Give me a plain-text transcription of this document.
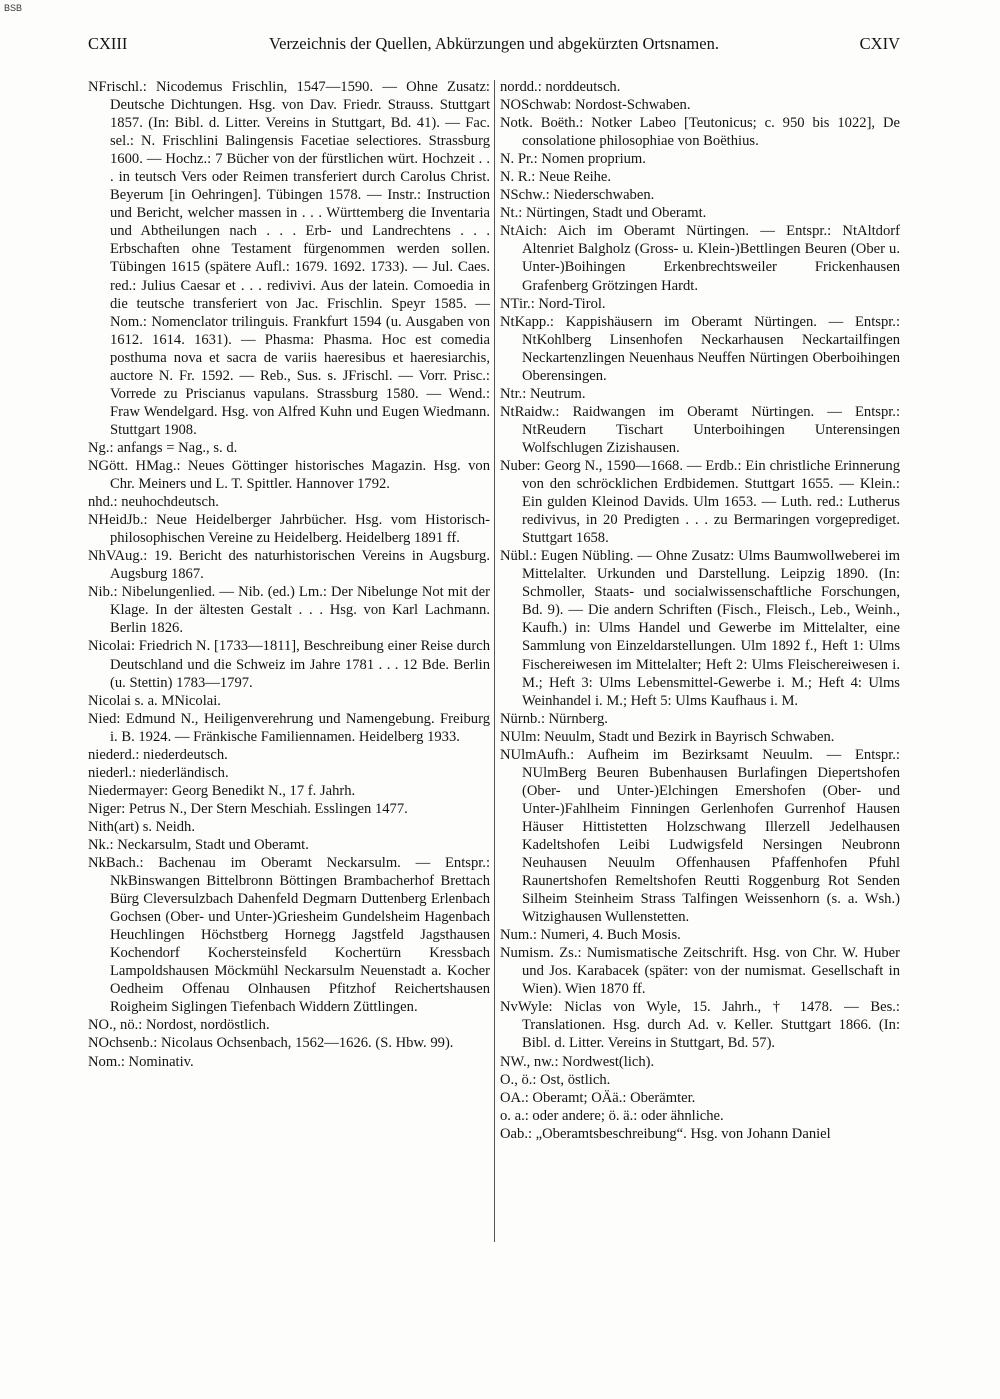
BSB
CXIII	Verzeichnis der Quellen, Abkürzungen und abgekürzten Ortsnamen.	CXIV

NFrischl.: Nicodemus Frischlin, 1547—1590. — Ohne Zusatz: Deutsche Dichtungen. Hsg. von Dav. Friedr. Strauss. Stuttgart 1857. (In: Bibl. d. Litter. Vereins in Stuttgart, Bd. 41). — Fac. sel.: N. Frischlini Balingensis Facetiae selectiores. Strassburg 1600. — Hochz.: 7 Bücher von der fürstlichen würt. Hochzeit . . . in teutsch Vers oder Reimen transferiert durch Carolus Christ. Beyerum [in Oehringen]. Tübingen 1578. — Instr.: Instruction und Bericht, welcher massen in . . . Württemberg die Inventaria und Abtheilungen nach . . . Erb- und Landrechtens . . . Erbschaften ohne Testament fürgenommen werden sollen. Tübingen 1615 (spätere Aufl.: 1679. 1692. 1733). — Jul. Caes. red.: Julius Caesar et . . . redivivi. Aus der latein. Comoedia in die teutsche transferiert von Jac. Frischlin. Speyr 1585. — Nom.: Nomenclator trilinguis. Frankfurt 1594 (u. Ausgaben von 1612. 1614. 1631). — Phasma: Phasma. Hoc est comedia posthuma nova et sacra de variis haeresibus et haeresiarchis, auctore N. Fr. 1592. — Reb., Sus. s. JFrischl. — Vorr. Prisc.: Vorrede zu Priscianus vapulans. Strassburg 1580. — Wend.: Fraw Wendelgard. Hsg. von Alfred Kuhn und Eugen Wiedmann. Stuttgart 1908.

Ng.: anfangs = Nag., s. d.

NGött. HMag.: Neues Göttinger historisches Magazin. Hsg. von Chr. Meiners und L. T. Spittler. Hannover 1792.

nhd.: neuhochdeutsch.

NHeidJb.: Neue Heidelberger Jahrbücher. Hsg. vom Historisch-philosophischen Vereine zu Heidelberg. Heidelberg 1891 ff.

NhVAug.: 19. Bericht des naturhistorischen Vereins in Augsburg. Augsburg 1867.

Nib.: Nibelungenlied. — Nib. (ed.) Lm.: Der Nibelunge Not mit der Klage. In der ältesten Gestalt . . . Hsg. von Karl Lachmann. Berlin 1826.

Nicolai: Friedrich N. [1733—1811], Beschreibung einer Reise durch Deutschland und die Schweiz im Jahre 1781 . . . 12 Bde. Berlin (u. Stettin) 1783—1797.

Nicolai s. a. MNicolai.

Nied: Edmund N., Heiligenverehrung und Namengebung. Freiburg i. B. 1924. — Fränkische Familiennamen. Heidelberg 1933.

niederd.: niederdeutsch.

niederl.: niederländisch.

Niedermayer: Georg Benedikt N., 17 f. Jahrh.

Niger: Petrus N., Der Stern Meschiah. Esslingen 1477.

Nith(art) s. Neidh.

Nk.: Neckarsulm, Stadt und Oberamt.

NkBach.: Bachenau im Oberamt Neckarsulm. — Entspr.: NkBinswangen Bittelbronn Böttingen Brambacherhof Brettach Bürg Cleversulzbach Dahenfeld Degmarn Duttenberg Erlenbach Gochsen (Ober- und Unter-)Griesheim Gundelsheim Hagenbach Heuchlingen Höchstberg Hornegg Jagstfeld Jagsthausen Kochendorf Kochersteinsfeld Kochertürn Kressbach Lampoldshausen Möckmühl Neckarsulm Neuenstadt a. Kocher Oedheim Offenau Olnhausen Pfitzhof Reichertshausen Roigheim Siglingen Tiefenbach Widdern Züttlingen.

NO., nö.: Nordost, nordöstlich.

NOchsenb.: Nicolaus Ochsenbach, 1562—1626. (S. Hbw. 99).

Nom.: Nominativ.

nordd.: norddeutsch.

NOSchwab: Nordost-Schwaben.

Notk. Boëth.: Notker Labeo [Teutonicus; c. 950 bis 1022], De consolatione philosophiae von Boëthius.

N. Pr.: Nomen proprium.

N. R.: Neue Reihe.

NSchw.: Niederschwaben.

Nt.: Nürtingen, Stadt und Oberamt.

NtAich: Aich im Oberamt Nürtingen. — Entspr.: NtAltdorf Altenriet Balgholz (Gross- u. Klein-)Bettlingen Beuren (Ober u. Unter-)Boihingen Erkenbrechtsweiler Frickenhausen Grafenberg Grötzingen Hardt.

NTir.: Nord-Tirol.

NtKapp.: Kappishäusern im Oberamt Nürtingen. — Entspr.: NtKohlberg Linsenhofen Neckarhausen Neckartailfingen Neckartenzlingen Neuenhaus Neuffen Nürtingen Oberboihingen Oberensingen.

Ntr.: Neutrum.

NtRaidw.: Raidwangen im Oberamt Nürtingen. — Entspr.: NtReudern Tischart Unterboihingen Unterensingen Wolfschlugen Zizishausen.

Nuber: Georg N., 1590—1668. — Erdb.: Ein christliche Erinnerung von den schröcklichen Erdbidemen. Stuttgart 1655. — Klein.: Ein gulden Kleinod Davids. Ulm 1653. — Luth. red.: Lutherus redivivus, in 20 Predigten . . . zu Bermaringen vorgeprediget. Stuttgart 1658.

Nübl.: Eugen Nübling. — Ohne Zusatz: Ulms Baumwollweberei im Mittelalter. Urkunden und Darstellung. Leipzig 1890. (In: Schmoller, Staats- und socialwissenschaftliche Forschungen, Bd. 9). — Die andern Schriften (Fisch., Fleisch., Leb., Weinh., Kaufh.) in: Ulms Handel und Gewerbe im Mittelalter, eine Sammlung von Einzeldarstellungen. Ulm 1892 f., Heft 1: Ulms Fischereiwesen im Mittelalter; Heft 2: Ulms Fleischereiwesen i. M.; Heft 3: Ulms Lebensmittel-Gewerbe i. M.; Heft 4: Ulms Weinhandel i. M.; Heft 5: Ulms Kaufhaus i. M.

Nürnb.: Nürnberg.

NUlm: Neuulm, Stadt und Bezirk in Bayrisch Schwaben.

NUlmAufh.: Aufheim im Bezirksamt Neuulm. — Entspr.: NUlmBerg Beuren Bubenhausen Burlafingen Diepertshofen (Ober- und Unter-)Elchingen Emershofen (Ober- und Unter-)Fahlheim Finningen Gerlenhofen Gurrenhof Hausen Häuser Hittistetten Holzschwang Illerzell Jedelhausen Kadeltshofen Leibi Ludwigsfeld Nersingen Neubronn Neuhausen Neuulm Offenhausen Pfaffenhofen Pfuhl Raunertshofen Remeltshofen Reutti Roggenburg Rot Senden Silheim Steinheim Strass Talfingen Weissenhorn (s. a. Wsh.) Witzighausen Wullenstetten.

Num.: Numeri, 4. Buch Mosis.

Numism. Zs.: Numismatische Zeitschrift. Hsg. von Chr. W. Huber und Jos. Karabacek (später: von der numismat. Gesellschaft in Wien). Wien 1870 ff.

NvWyle: Niclas von Wyle, 15. Jahrh., † 1478. — Bes.: Translationen. Hsg. durch Ad. v. Keller. Stuttgart 1866. (In: Bibl. d. Litter. Vereins in Stuttgart, Bd. 57).

NW., nw.: Nordwest(lich).

O., ö.: Ost, östlich.

OA.: Oberamt; OÄä.: Oberämter.

o. a.: oder andere; ö. ä.: oder ähnliche.

Oab.: „Oberamtsbeschreibung“. Hsg. von Johann Daniel
